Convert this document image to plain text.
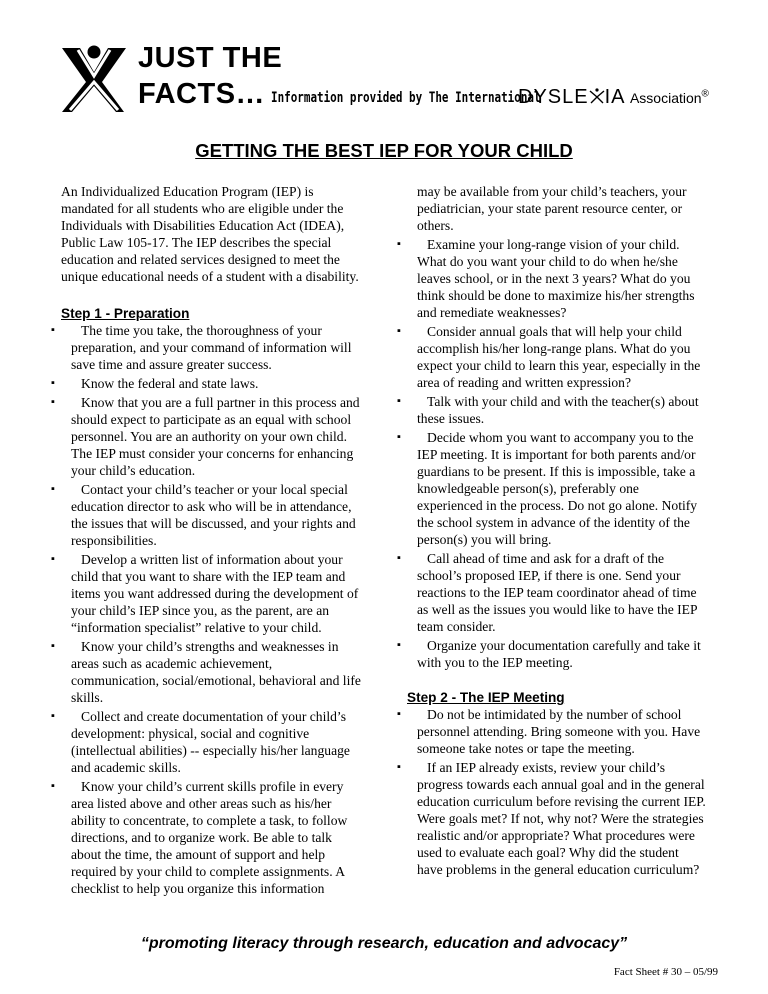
JUST THE
FACTS… Information provided by The International
DYSLE IA Association®
GETTING THE BEST IEP FOR YOUR CHILD

An Individualized Education Program (IEP) is mandated for all students who are eligible under the Individuals with Disabilities Education Act (IDEA), Public Law 105-17. The IEP describes the special education and related services designed to meet the unique educational needs of a student with a disability.

Step 1 - Preparation

▪ The time you take, the thoroughness of your preparation, and your command of information will save time and assure greater success.
▪ Know the federal and state laws.
▪ Know that you are a full partner in this process and should expect to participate as an equal with school personnel. You are an authority on your own child. The IEP must consider your concerns for enhancing your child’s education.
▪ Contact your child’s teacher or your local special education director to ask who will be in attendance, the issues that will be discussed, and your rights and responsibilities.
▪ Develop a written list of information about your child that you want to share with the IEP team and items you want addressed during the development of your child’s IEP since you, as the parent, are an “information specialist” relative to your child.
▪ Know your child’s strengths and weaknesses in areas such as academic achievement, communication, social/emotional, behavioral and life skills.
▪ Collect and create documentation of your child’s development: physical, social and cognitive (intellectual abilities) -- especially his/her language and academic skills.
▪ Know your child’s current skills profile in every area listed above and other areas such as his/her ability to concentrate, to complete a task, to follow directions, and to organize work. Be able to talk about the time, the amount of support and help required by your child to complete assignments. A checklist to help you organize this information

may be available from your child’s teachers, your pediatrician, your state parent resource center, or others.

▪ Examine your long-range vision of your child. What do you want your child to do when he/she leaves school, or in the next 3 years? What do you think should be done to maximize his/her strengths and remediate weaknesses?
▪ Consider annual goals that will help your child accomplish his/her long-range plans. What do you expect your child to learn this year, especially in the area of reading and written expression?
▪ Talk with your child and with the teacher(s) about these issues.
▪ Decide whom you want to accompany you to the IEP meeting. It is important for both parents and/or guardians to be present. If this is impossible, take a knowledgeable person(s), preferably one experienced in the process. Do not go alone. Notify the school system in advance of the identity of the person(s) you will bring.
▪ Call ahead of time and ask for a draft of the school’s proposed IEP, if there is one. Send your reactions to the IEP team coordinator ahead of time as well as the issues you would like to have the IEP team consider.
▪ Organize your documentation carefully and take it with you to the IEP meeting.

Step 2 - The IEP Meeting

▪ Do not be intimidated by the number of school personnel attending. Bring someone with you. Have someone take notes or tape the meeting.
▪ If an IEP already exists, review your child’s progress towards each annual goal and in the general education curriculum before revising the current IEP. Were goals met? If not, why not? Were the strategies realistic and/or appropriate? What procedures were used to evaluate each goal? Why did the student have problems in the general education curriculum?
“promoting literacy through research, education and advocacy”
Fact Sheet # 30 – 05/99
